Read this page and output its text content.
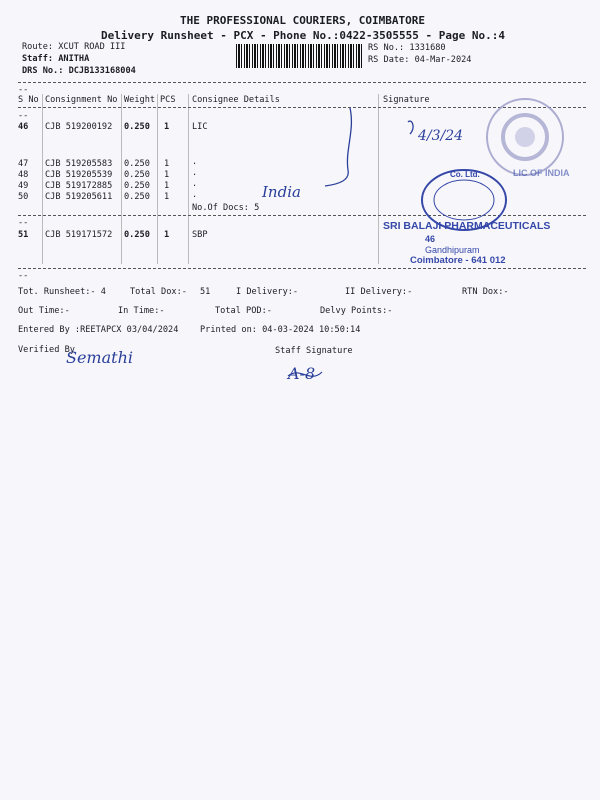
THE PROFESSIONAL COURIERS, COIMBATORE
Delivery Runsheet - PCX - Phone No.:0422-3505555 - Page No.:4
Route: XCUT ROAD III
Staff: ANITHA
DRS No.: DCJB133168004
RS No.: 1331680
RS Date: 04-Mar-2024
--
S No Consignment No Weight PCS Consignee Details	Signature
--
46 CJB 519200192 0.250 1	LIC
47 CJB 519205583 0.250 1	.
48 CJB 519205539 0.250 1	.
49 CJB 519172885 0.250 1	.
50 CJB 519205611 0.250 1	.
No.Of Docs: 5
--
51 CJB 519171572 0.250 1	SBP
--
Tot. Runsheet:- 4	Total Dox:- 51	I Delivery:-	II Delivery:-	RTN Dox:-
Out Time:-	In Time:-	Total POD:-	Delvy Points:-
Entered By :REETAPCX 03/04/2024	Printed on: 04-03-2024 10:50:14
Verified By	Staff Signature
4/3/24
India
Semathi
A-8
LIC OF INDIA
Co. Ltd.
SRI BALAJI PHARMACEUTICALS
46
Gandhipuram
Coimbatore - 641 012
